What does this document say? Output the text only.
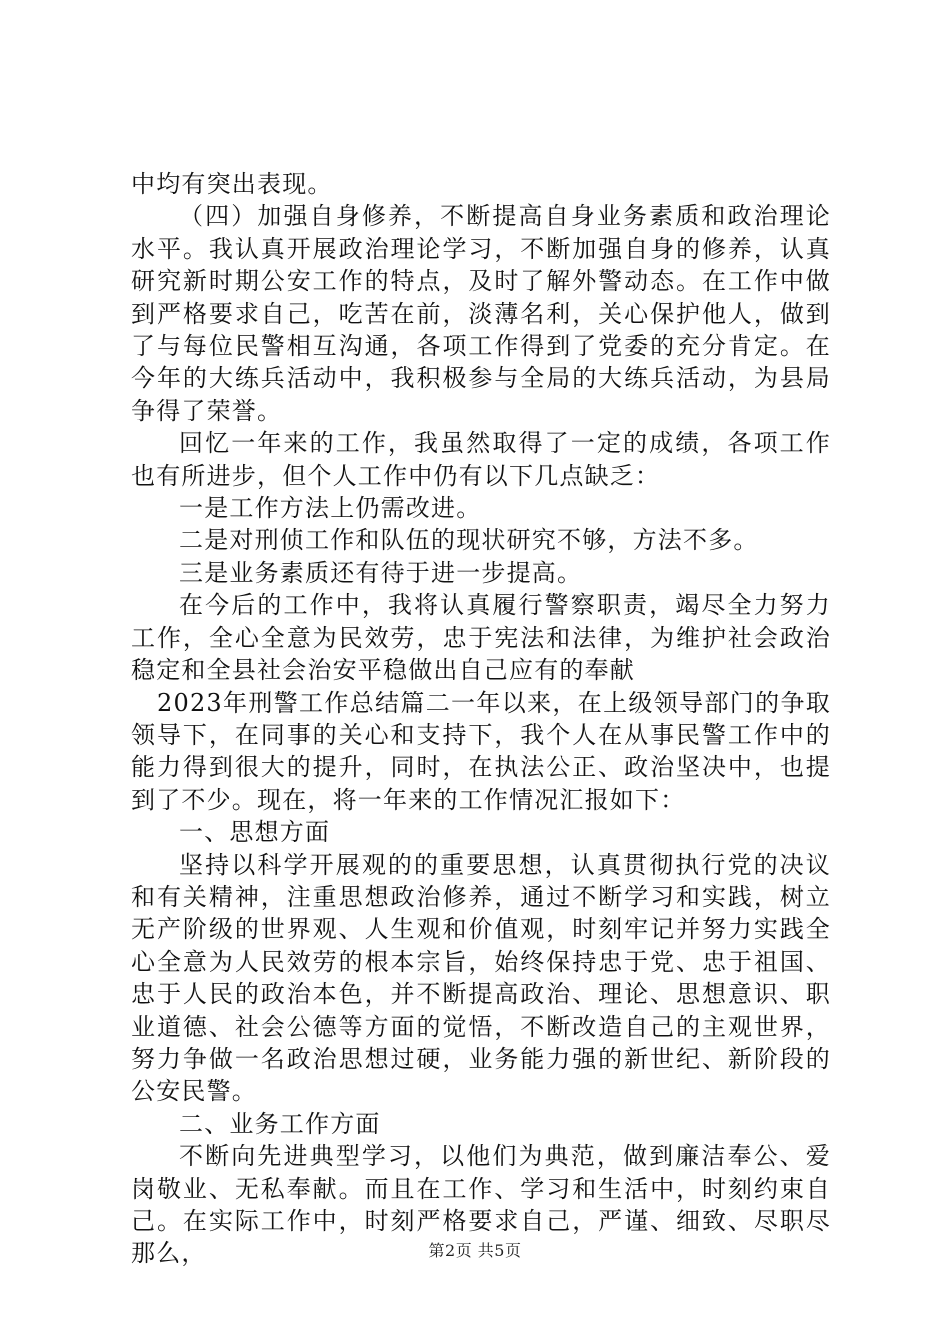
中均有突出表现。

（四）加强自身修养，不断提高自身业务素质和政治理论水平。我认真开展政治理论学习，不断加强自身的修养，认真研究新时期公安工作的特点，及时了解外警动态。在工作中做到严格要求自己，吃苦在前，淡薄名利，关心保护他人，做到了与每位民警相互沟通，各项工作得到了党委的充分肯定。在今年的大练兵活动中，我积极参与全局的大练兵活动，为县局争得了荣誉。

回忆一年来的工作，我虽然取得了一定的成绩，各项工作也有所进步，但个人工作中仍有以下几点缺乏：

一是工作方法上仍需改进。

二是对刑侦工作和队伍的现状研究不够，方法不多。

三是业务素质还有待于进一步提高。

在今后的工作中，我将认真履行警察职责，竭尽全力努力工作，全心全意为民效劳，忠于宪法和法律，为维护社会政治稳定和全县社会治安平稳做出自己应有的奉献

2023年刑警工作总结篇二一年以来，在上级领导部门的争取领导下，在同事的关心和支持下，我个人在从事民警工作中的能力得到很大的提升，同时，在执法公正、政治坚决中，也提到了不少。现在，将一年来的工作情况汇报如下：

一、思想方面

坚持以科学开展观的的重要思想，认真贯彻执行党的决议和有关精神，注重思想政治修养，通过不断学习和实践，树立无产阶级的世界观、人生观和价值观，时刻牢记并努力实践全心全意为人民效劳的根本宗旨，始终保持忠于党、忠于祖国、忠于人民的政治本色，并不断提高政治、理论、思想意识、职业道德、社会公德等方面的觉悟，不断改造自己的主观世界，努力争做一名政治思想过硬，业务能力强的新世纪、新阶段的公安民警。

二、业务工作方面

不断向先进典型学习，以他们为典范，做到廉洁奉公、爱岗敬业、无私奉献。而且在工作、学习和生活中，时刻约束自己。在实际工作中，时刻严格要求自己，严谨、细致、尽职尽那么，	第2页 共5页
